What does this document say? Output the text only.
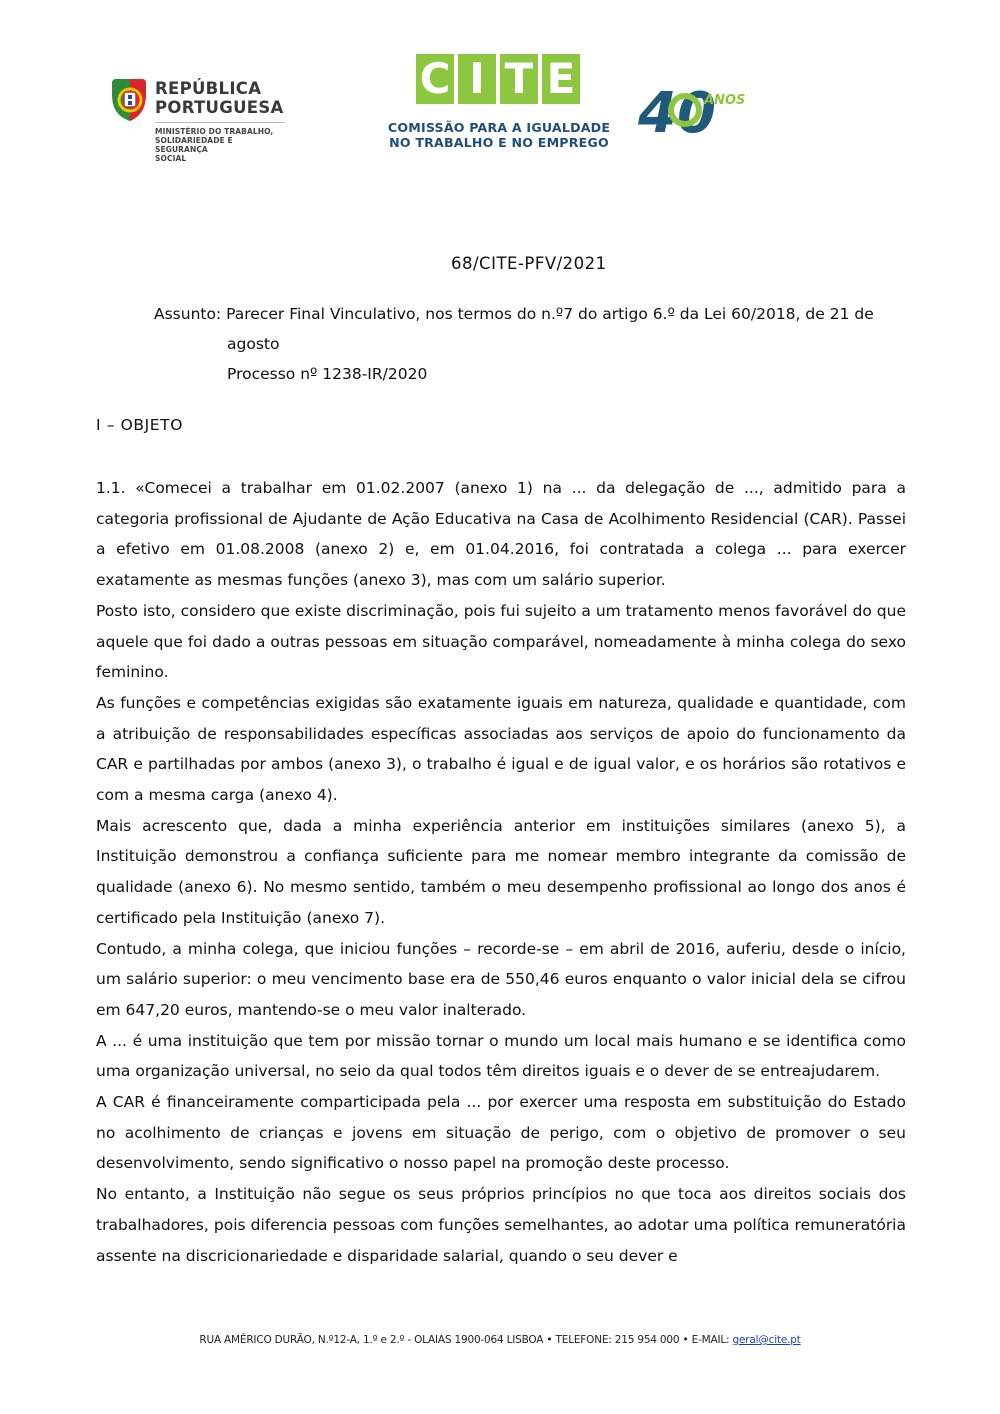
REPÚBLICA
PORTUGUESA
MINISTÉRIO DO TRABALHO,
SOLIDARIEDADE E SEGURANÇA
SOCIAL
C I T E
COMISSÃO PARA A IGUALDADE
NO TRABALHO E NO EMPREGO 40
ANOS
68/CITE-PFV/2021
Assunto: Parecer Final Vinculativo, nos termos do n.º7 do artigo 6.º da Lei 60/2018, de 21 de
agosto
Processo nº 1238-IR/2020
I – OBJETO

1.1. «Comecei a trabalhar em 01.02.2007 (anexo 1) na ... da delegação de ..., admitido para a categoria profissional de Ajudante de Ação Educativa na Casa de Acolhimento Residencial (CAR). Passei a efetivo em 01.08.2008 (anexo 2) e, em 01.04.2016, foi contratada a colega ... para exercer exatamente as mesmas funções (anexo 3), mas com um salário superior.

Posto isto, considero que existe discriminação, pois fui sujeito a um tratamento menos favorável do que aquele que foi dado a outras pessoas em situação comparável, nomeadamente à minha colega do sexo feminino.

As funções e competências exigidas são exatamente iguais em natureza, qualidade e quantidade, com a atribuição de responsabilidades específicas associadas aos serviços de apoio do funcionamento da CAR e partilhadas por ambos (anexo 3), o trabalho é igual e de igual valor, e os horários são rotativos e com a mesma carga (anexo 4).

Mais acrescento que, dada a minha experiência anterior em instituições similares (anexo 5), a Instituição demonstrou a confiança suficiente para me nomear membro integrante da comissão de qualidade (anexo 6). No mesmo sentido, também o meu desempenho profissional ao longo dos anos é certificado pela Instituição (anexo 7).

Contudo, a minha colega, que iniciou funções – recorde-se – em abril de 2016, auferiu, desde o início, um salário superior: o meu vencimento base era de 550,46 euros enquanto o valor inicial dela se cifrou em 647,20 euros, mantendo-se o meu valor inalterado.

A ... é uma instituição que tem por missão tornar o mundo um local mais humano e se identifica como uma organização universal, no seio da qual todos têm direitos iguais e o dever de se entreajudarem.

A CAR é financeiramente comparticipada pela ... por exercer uma resposta em substituição do Estado no acolhimento de crianças e jovens em situação de perigo, com o objetivo de promover o seu desenvolvimento, sendo significativo o nosso papel na promoção deste processo.

No entanto, a Instituição não segue os seus próprios princípios no que toca aos direitos sociais dos trabalhadores, pois diferencia pessoas com funções semelhantes, ao adotar uma política remuneratória assente na discricionariedade e disparidade salarial, quando o seu dever e

RUA AMÉRICO DURÃO, N.º12-A, 1.º e 2.º - OLAIAS 1900-064 LISBOA • TELEFONE: 215 954 000 • E-MAIL: geral@cite.pt
